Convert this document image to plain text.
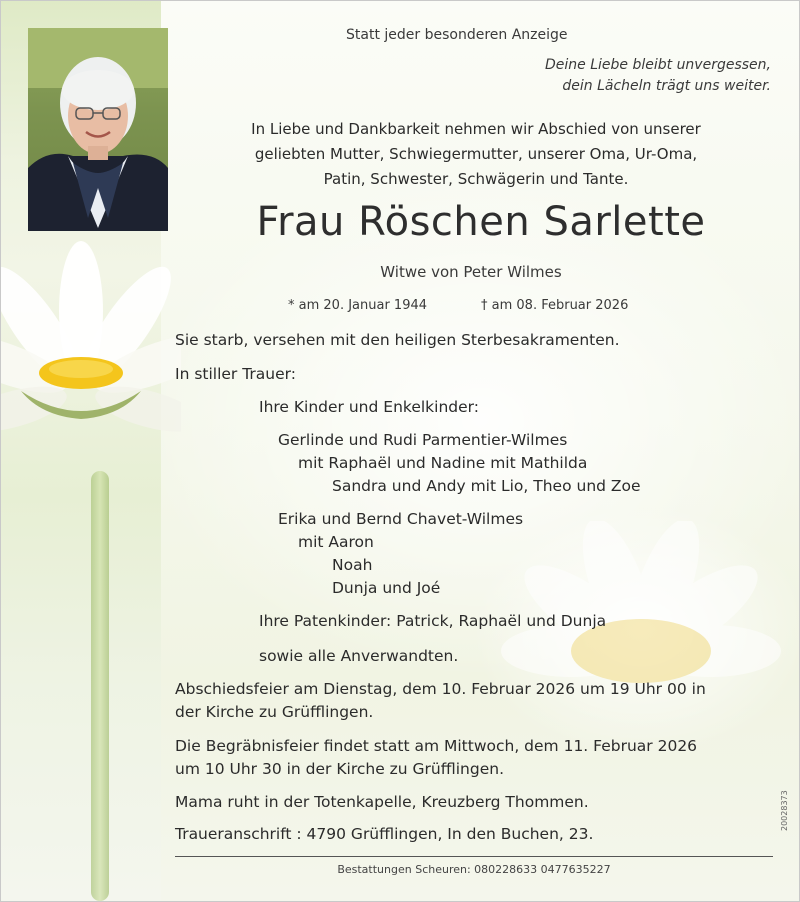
Statt jeder besonderen Anzeige
Deine Liebe bleibt unvergessen,
dein Lächeln trägt uns weiter.
In Liebe und Dankbarkeit nehmen wir Abschied von unserer
geliebten Mutter, Schwiegermutter, unserer Oma, Ur-Oma,
Patin, Schwester, Schwägerin und Tante.
Frau Röschen Sarlette
Witwe von Peter Wilmes
* am 20. Januar 1944	† am 08. Februar 2026
Sie starb, versehen mit den heiligen Sterbesakramenten.
In stiller Trauer:
Ihre Kinder und Enkelkinder:
Gerlinde und Rudi Parmentier-Wilmes
mit Raphaël und Nadine mit Mathilda
Sandra und Andy mit Lio, Theo und Zoe
Erika und Bernd Chavet-Wilmes
mit Aaron
Noah
Dunja und Joé
Ihre Patenkinder: Patrick, Raphaël und Dunja
sowie alle Anverwandten.
Abschiedsfeier am Dienstag, dem 10. Februar 2026 um 19 Uhr 00 in
der Kirche zu Grüfflingen.
Die Begräbnisfeier findet statt am Mittwoch, dem 11. Februar 2026
um 10 Uhr 30 in der Kirche zu Grüfflingen.
Mama ruht in der Totenkapelle, Kreuzberg Thommen.
Traueranschrift : 4790 Grüfflingen, In den Buchen, 23.
Bestattungen Scheuren: 080228633 0477635227
20028373
